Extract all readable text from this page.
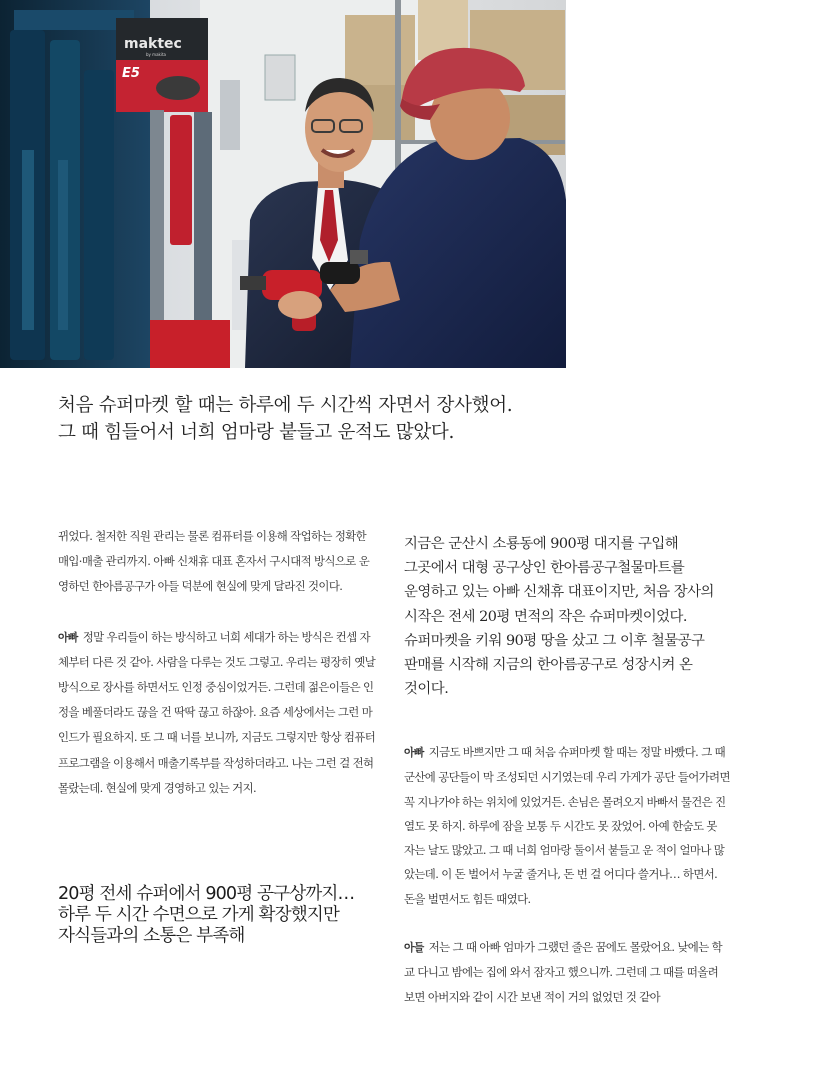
maktec
by makita
E5
처음 슈퍼마켓 할 때는 하루에 두 시간씩 자면서 장사했어.
그 때 힘들어서 너희 엄마랑 붙들고 운적도 많았다.

뀌었다. 철저한 직원 관리는 물론 컴퓨터를 이용해 작업하는 정확한 매입·매출 관리까지. 아빠 신채휴 대표 혼자서 구시대적 방식으로 운영하던 한아름공구가 아들 덕분에 현실에 맞게 달라진 것이다.

아빠 정말 우리들이 하는 방식하고 너희 세대가 하는 방식은 컨셉 자체부터 다른 것 같아. 사람을 다루는 것도 그렇고. 우리는 평장히 옛날 방식으로 장사를 하면서도 인정 중심이었거든. 그런데 젊은이들은 인정을 베풀더라도 끊을 건 딱딱 끊고 하잖아. 요즘 세상에서는 그런 마인드가 필요하지. 또 그 때 너를 보니까, 지금도 그렇지만 항상 컴퓨터 프로그램을 이용해서 매출기록부를 작성하더라고. 나는 그런 걸 전혀 몰랐는데. 현실에 맞게 경영하고 있는 거지.

20평 전세 슈퍼에서 900평 공구상까지…
하루 두 시간 수면으로 가게 확장했지만
자식들과의 소통은 부족해
지금은 군산시 소룡동에 900평 대지를 구입해
그곳에서 대형 공구상인 한아름공구철물마트를
운영하고 있는 아빠 신채휴 대표이지만, 처음 장사의
시작은 전세 20평 면적의 작은 슈퍼마켓이었다.
슈퍼마켓을 키워 90평 땅을 샀고 그 이후 철물공구
판매를 시작해 지금의 한아름공구로 성장시켜 온
것이다.

아빠 지금도 바쁘지만 그 때 처음 슈퍼마켓 할 때는 정말 바빴다. 그 때 군산에 공단들이 막 조성되던 시기였는데 우리 가게가 공단 들어가려면 꼭 지나가야 하는 위치에 있었거든. 손님은 몰려오지 바빠서 물건은 진열도 못 하지. 하루에 잠을 보통 두 시간도 못 잤었어. 아예 한숨도 못 자는 날도 많았고. 그 때 너희 엄마랑 둘이서 붙들고 운 적이 얼마나 많았는데. 이 돈 벌어서 누굴 줄거나, 돈 번 걸 어디다 쓸거나… 하면서. 돈을 벌면서도 힘든 때였다.

아들 저는 그 때 아빠 엄마가 그랬던 줄은 꿈에도 몰랐어요. 낮에는 학교 다니고 밤에는 집에 와서 잠자고 했으니까. 그런데 그 때를 떠올려 보면 아버지와 같이 시간 보낸 적이 거의 없었던 것 같아
